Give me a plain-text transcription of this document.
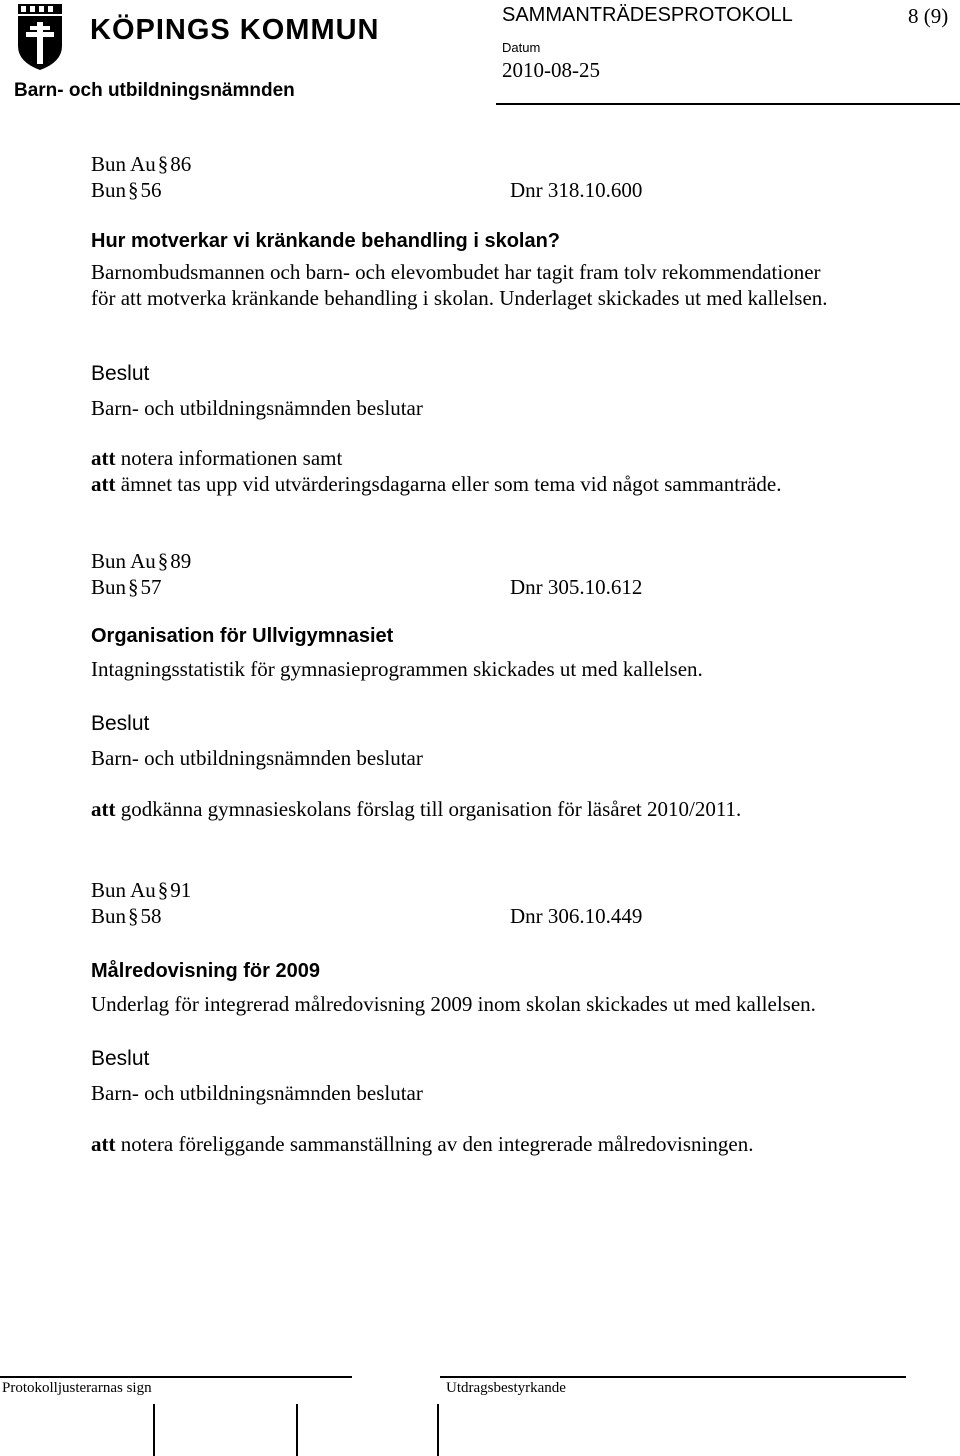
KÖPINGS KOMMUN
Barn- och utbildningsnämnden
SAMMANTRÄDESPROTOKOLL	8 (9)
Datum
2010-08-25
Bun Au§86
Bun§56	Dnr 318.10.600
Hur motverkar vi kränkande behandling i skolan?
Barnombudsmannen och barn- och elevombudet har tagit fram tolv rekommendationer
för att motverka kränkande behandling i skolan. Underlaget skickades ut med kallelsen.
Beslut
Barn- och utbildningsnämnden beslutar
att notera informationen samt
att ämnet tas upp vid utvärderingsdagarna eller som tema vid något sammanträde.
Bun Au§89
Bun§57	Dnr 305.10.612
Organisation för Ullvigymnasiet
Intagningsstatistik för gymnasieprogrammen skickades ut med kallelsen.
Beslut
Barn- och utbildningsnämnden beslutar
att godkänna gymnasieskolans förslag till organisation för läsåret 2010/2011.
Bun Au§91
Bun§58	Dnr 306.10.449
Målredovisning för 2009
Underlag för integrerad målredovisning 2009 inom skolan skickades ut med kallelsen.
Beslut
Barn- och utbildningsnämnden beslutar
att notera föreliggande sammanställning av den integrerade målredovisningen.
Protokolljusterarnas sign	Utdragsbestyrkande
